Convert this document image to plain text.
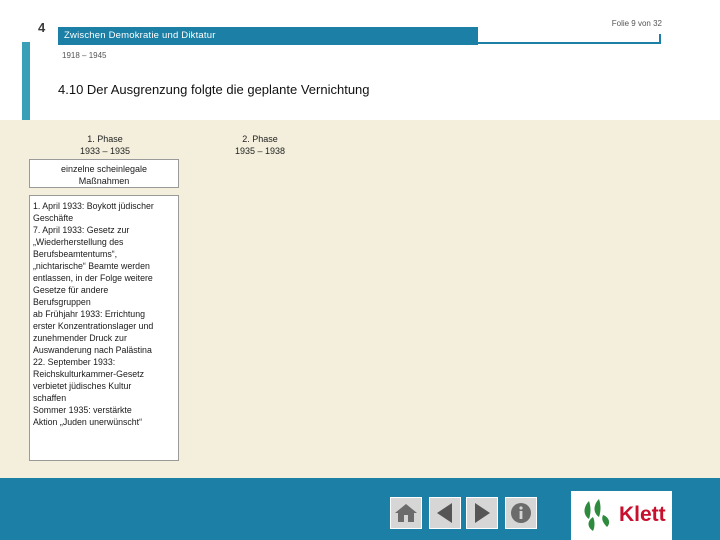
4
Zwischen Demokratie und Diktatur
Folie 9 von 32
1918 – 1945
4.10 Der Ausgrenzung folgte die geplante Vernichtung
1. Phase
1933 – 1935
2. Phase
1935 – 1938
einzelne scheinlegale
Maßnahmen
1. April 1933: Boykott jüdischer
Geschäfte
7. April 1933: Gesetz zur
„Wiederherstellung des
Berufsbeamtentums“,
„nichtarische“ Beamte werden
entlassen, in der Folge weitere
Gesetze für andere
Berufsgruppen
ab Frühjahr 1933: Errichtung
erster Konzentrationslager und
zunehmender Druck zur
Auswanderung nach Palästina
22. September 1933:
Reichskulturkammer-Gesetz
verbietet jüdisches Kultur
schaffen
Sommer 1935: verstärkte
Aktion „Juden unerwünscht“
Klett
